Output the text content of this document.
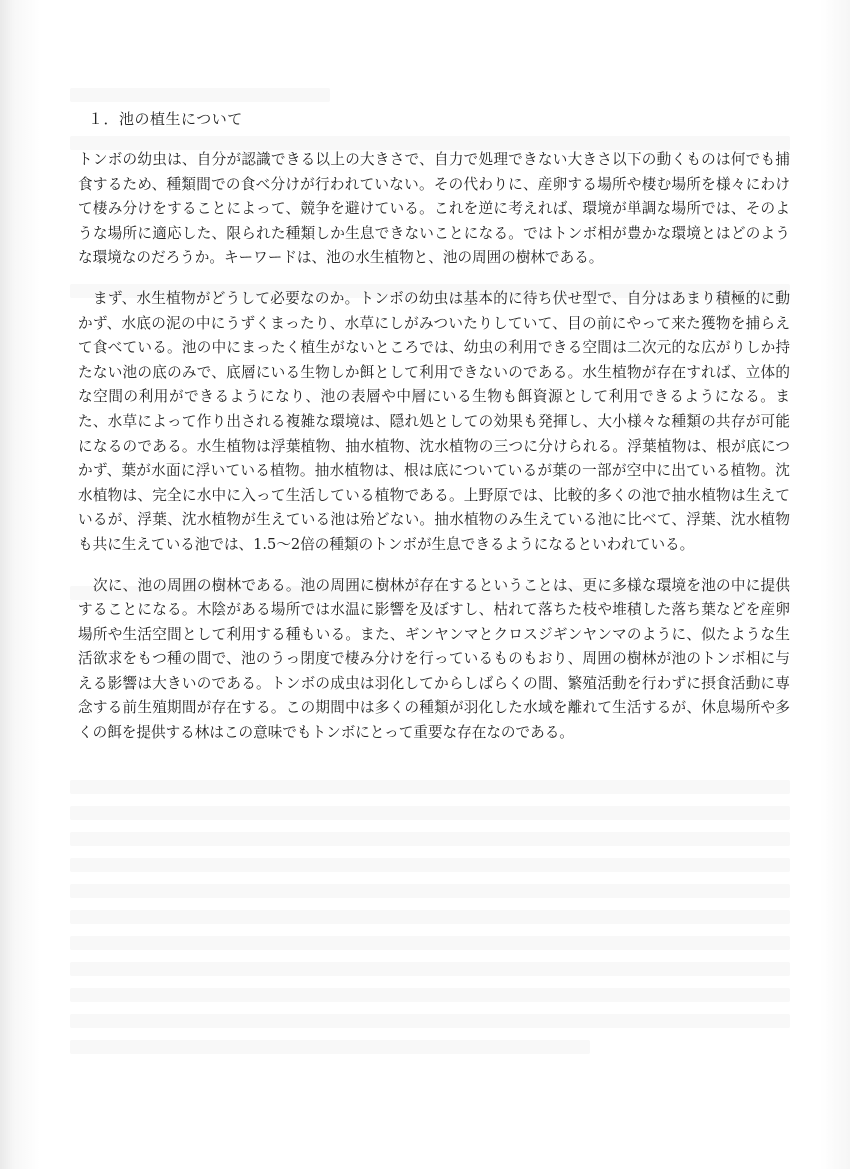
１．池の植生について

トンボの幼虫は、自分が認識できる以上の大きさで、自力で処理できない大きさ以下の動くものは何でも捕食するため、種類間での食べ分けが行われていない。その代わりに、産卵する場所や棲む場所を様々にわけて棲み分けをすることによって、競争を避けている。これを逆に考えれば、環境が単調な場所では、そのような場所に適応した、限られた種類しか生息できないことになる。ではトンボ相が豊かな環境とはどのような環境なのだろうか。キーワードは、池の水生植物と、池の周囲の樹林である。

まず、水生植物がどうして必要なのか。トンボの幼虫は基本的に待ち伏せ型で、自分はあまり積極的に動かず、水底の泥の中にうずくまったり、水草にしがみついたりしていて、目の前にやって来た獲物を捕らえて食べている。池の中にまったく植生がないところでは、幼虫の利用できる空間は二次元的な広がりしか持たない池の底のみで、底層にいる生物しか餌として利用できないのである。水生植物が存在すれば、立体的な空間の利用ができるようになり、池の表層や中層にいる生物も餌資源として利用できるようになる。また、水草によって作り出される複雑な環境は、隠れ処としての効果も発揮し、大小様々な種類の共存が可能になるのである。水生植物は浮葉植物、抽水植物、沈水植物の三つに分けられる。浮葉植物は、根が底につかず、葉が水面に浮いている植物。抽水植物は、根は底についているが葉の一部が空中に出ている植物。沈水植物は、完全に水中に入って生活している植物である。上野原では、比較的多くの池で抽水植物は生えているが、浮葉、沈水植物が生えている池は殆どない。抽水植物のみ生えている池に比べて、浮葉、沈水植物も共に生えている池では、1.5〜2倍の種類のトンボが生息できるようになるといわれている。

次に、池の周囲の樹林である。池の周囲に樹林が存在するということは、更に多様な環境を池の中に提供することになる。木陰がある場所では水温に影響を及ぼすし、枯れて落ちた枝や堆積した落ち葉などを産卵場所や生活空間として利用する種もいる。また、ギンヤンマとクロスジギンヤンマのように、似たような生活欲求をもつ種の間で、池のうっ閉度で棲み分けを行っているものもおり、周囲の樹林が池のトンボ相に与える影響は大きいのである。トンボの成虫は羽化してからしばらくの間、繁殖活動を行わずに摂食活動に専念する前生殖期間が存在する。この期間中は多くの種類が羽化した水域を離れて生活するが、休息場所や多くの餌を提供する林はこの意味でもトンボにとって重要な存在なのである。
